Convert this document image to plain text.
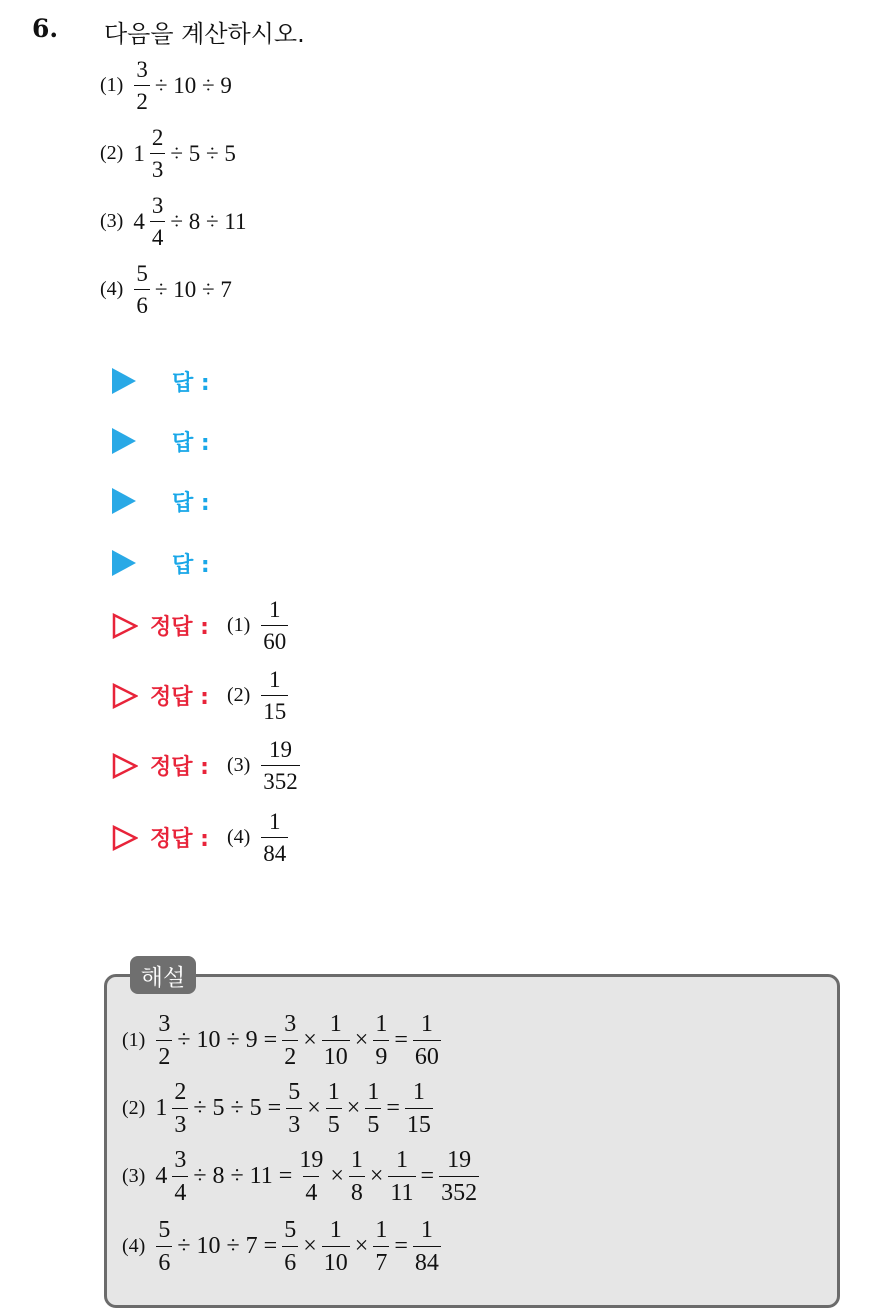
6. 다음을 계산하시오.
$(1) \frac{3}{2} \div 10 \div 9$
(2) $1 \frac{2}{3} \div 5 \div 5$
(3) $4 \frac{3}{4} \div 8 \div 11$
$(4) \frac{5}{6} \div 10 \div 7$
답 :
답 :
답 :
답 :
정답 : $(1) \frac{1}{60}$
정답 : $(2) \frac{1}{15}$
정답 : $(3) \frac{19}{352}$
정답 : $(4) \frac{1}{84}$
해설
$(1) \frac{3}{2} \div 10 \div 9 = \frac{3}{2} \times \frac{1}{10} \times \frac{1}{9} = \frac{1}{60}$
(2) $1 \frac{2}{3} \div 5 \div 5 = \frac{5}{3} \times \frac{1}{5} \times \frac{1}{5} = \frac{1}{15}$
(3) $4 \frac{3}{4} \div 8 \div 11 = \frac{19}{4} \times \frac{1}{8} \times \frac{1}{11} = \frac{19}{352}$
$(4) \frac{5}{6} \div 10 \div 7 = \frac{5}{6} \times \frac{1}{10} \times \frac{1}{7} = \frac{1}{84}$
